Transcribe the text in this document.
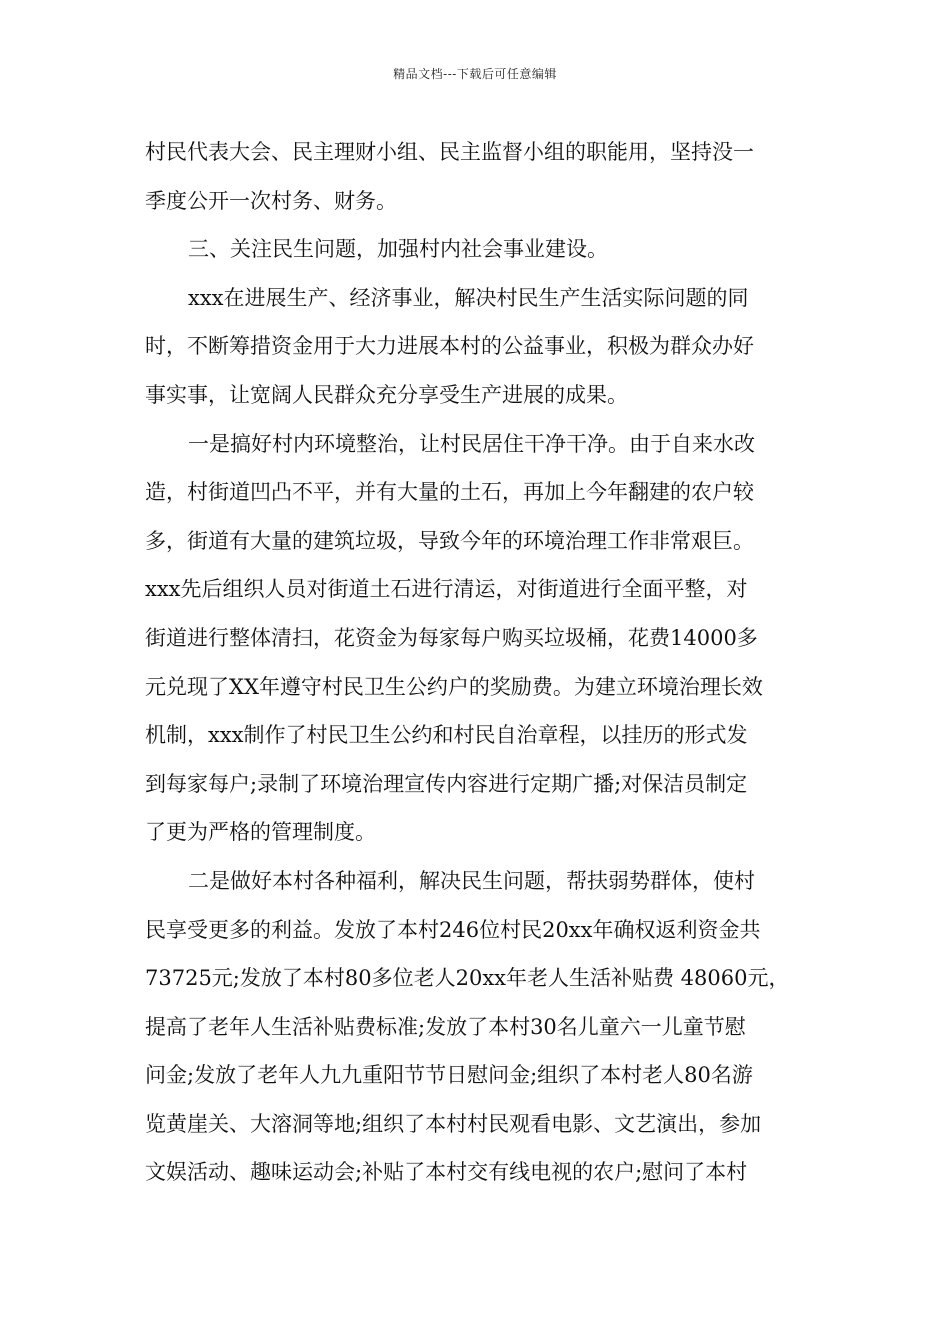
精品文档---下载后可任意编辑
村民代表大会、民主理财小组、民主监督小组的职能用，坚持没一
季度公开一次村务、财务。
三、关注民生问题，加强村内社会事业建设。
xxx在进展生产、经济事业，解决村民生产生活实际问题的同
时，不断筹措资金用于大力进展本村的公益事业，积极为群众办好
事实事，让宽阔人民群众充分享受生产进展的成果。
一是搞好村内环境整治，让村民居住干净干净。由于自来水改
造，村街道凹凸不平，并有大量的土石，再加上今年翻建的农户较
多，街道有大量的建筑垃圾，导致今年的环境治理工作非常艰巨。
xxx先后组织人员对街道土石进行清运，对街道进行全面平整，对
街道进行整体清扫，花资金为每家每户购买垃圾桶，花费14000多
元兑现了XX年遵守村民卫生公约户的奖励费。为建立环境治理长效
机制，xxx制作了村民卫生公约和村民自治章程，以挂历的形式发
到每家每户;录制了环境治理宣传内容进行定期广播;对保洁员制定
了更为严格的管理制度。
二是做好本村各种福利，解决民生问题，帮扶弱势群体，使村
民享受更多的利益。发放了本村246位村民20xx年确权返利资金共
73725元;发放了本村80多位老人20xx年老人生活补贴费 48060元，
提高了老年人生活补贴费标准;发放了本村30名儿童六一儿童节慰
问金;发放了老年人九九重阳节节日慰问金;组织了本村老人80名游
览黄崖关、大溶洞等地;组织了本村村民观看电影、文艺演出，参加
文娱活动、趣味运动会;补贴了本村交有线电视的农户;慰问了本村
